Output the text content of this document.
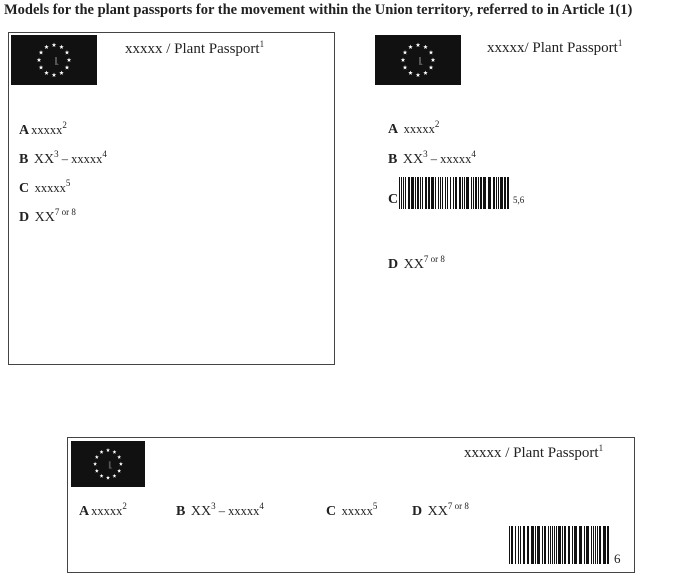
Models for the plant passports for the movement within the Union territory, referred to in Article 1(1)
xxxxx / Plant Passport$^1$
A xxxxx$^2$
B $XX^3$ – xxxxx$^4$
C xxxxx$^5$
D $XX^{7 or 8}$
xxxxx/ Plant Passport$^1$
A xxxxx$^2$
B $XX^3$ – xxxxx$^4$
C	5,6
D $XX^{7 or 8}$
xxxxx / Plant Passport$^1$
A xxxxx$^2$	B $XX^3$ – xxxxx$^4$	C xxxxx$^5$ D $XX^{7 or 8}$
6
